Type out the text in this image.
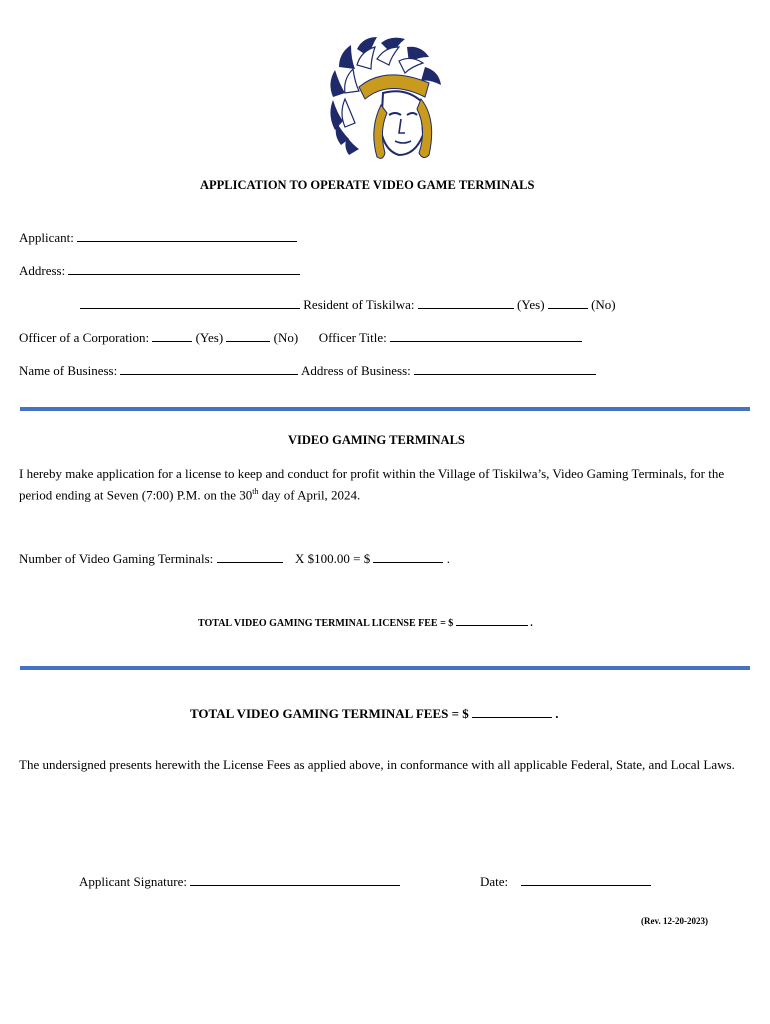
APPLICATION TO OPERATE VIDEO GAME TERMINALS
Applicant:
Address:
Resident of Tiskilwa:	(Yes)	(No)
Officer of a Corporation:	(Yes)	(No) Officer Title:
Name of Business:	Address of Business:
VIDEO GAMING TERMINALS
I hereby make application for a license to keep and conduct for profit within the Village of Tiskilwa’s, Video Gaming Terminals, for the period ending at Seven (7:00) P.M. on the 30th day of April, 2024.
Number of Video Gaming Terminals:	X $100.00 = $	.
TOTAL VIDEO GAMING TERMINAL LICENSE FEE = $	.
TOTAL VIDEO GAMING TERMINAL FEES = $	.
The undersigned presents herewith the License Fees as applied above, in conformance with all applicable Federal, State, and Local Laws.
Applicant Signature:	Date:
(Rev. 12-20-2023)
